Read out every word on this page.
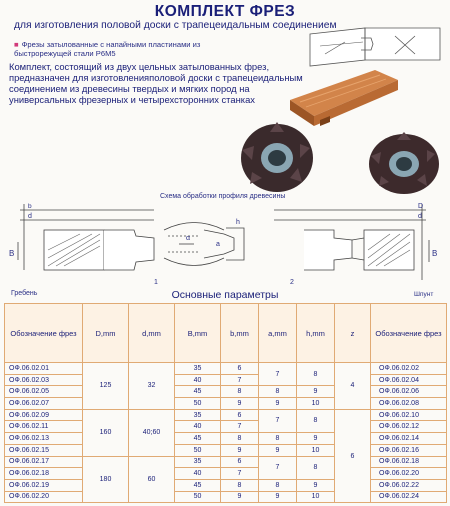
КОМПЛЕКТ ФРЕЗ
для изготовления половой доски с трапецеидальным соединением
■ Фрезы затылованные с напайными пластинами из быстрорежущей стали Р6М5
Комплект, состоящий из двух цельных затылованных фрез, предназначен для изготовленияполовой доски с трапецеидальным соединением из древесины твердых и мягких пород на универсальных фрезерных и четырехсторонних станках
Схема обработки профиля древесины
b
d
B
1
h
α
a
D
d
B
2
Гребень	Основные параметры	Шпунт
Обозначение фрез	D,mm	d,mm	B,mm	b,mm	a,mm	h,mm	z	Обозначение фрез
ОФ.06.02.01	125	32	35	6	7	8	4	ОФ.06.02.02
ОФ.06.02.03			40	7				ОФ.06.02.04
ОФ.06.02.05			45	8	8	9		ОФ.06.02.06
ОФ.06.02.07			50	9	9	10		ОФ.06.02.08
ОФ.06.02.09	160	40;60	35	6	7	8	6	ОФ.06.02.10
ОФ.06.02.11			40	7				ОФ.06.02.12
ОФ.06.02.13			45	8	8	9		ОФ.06.02.14
ОФ.06.02.15			50	9	9	10		ОФ.06.02.16
ОФ.06.02.17	180	60	35	6	7	8		ОФ.06.02.18
ОФ.06.02.18			40	7				ОФ.06.02.20
ОФ.06.02.19			45	8	8	9		ОФ.06.02.22
ОФ.06.02.20			50	9	9	10		ОФ.06.02.24
